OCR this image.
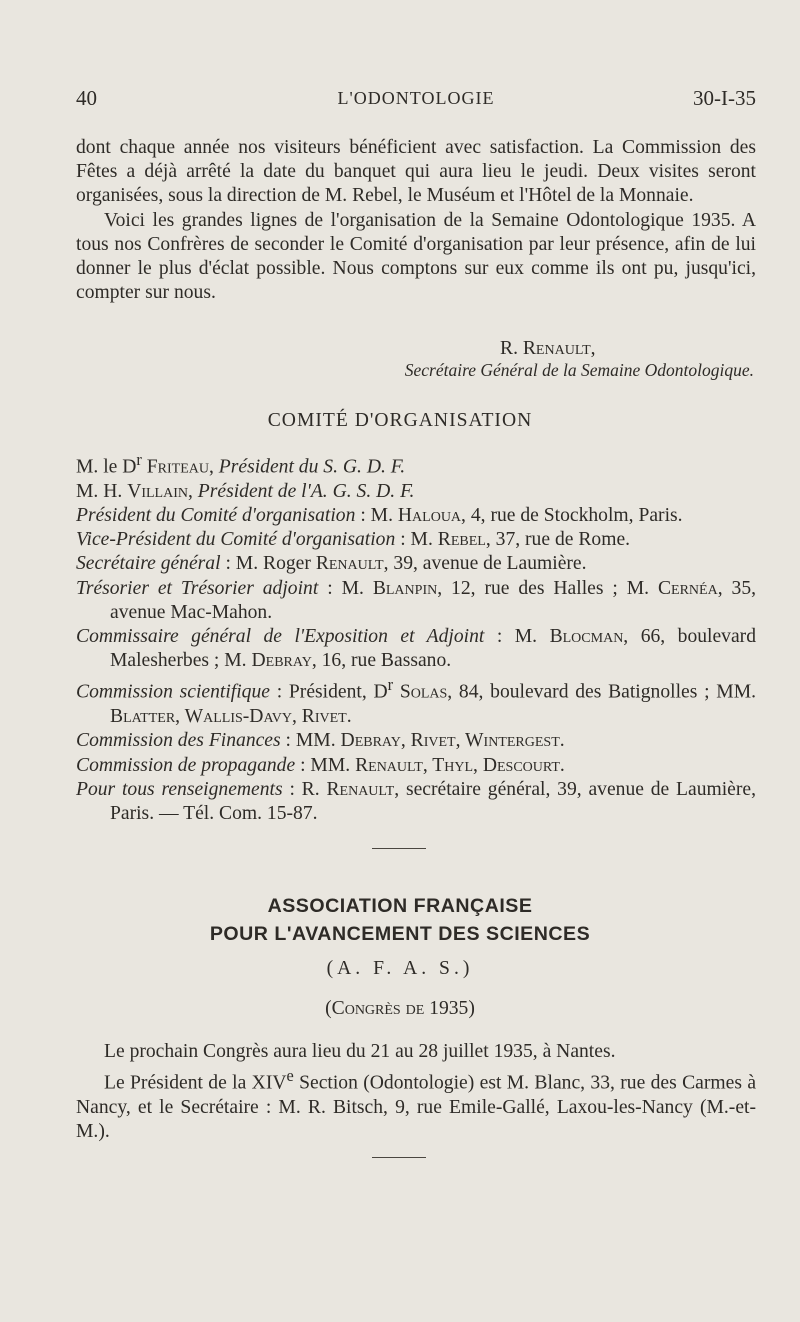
40	L'ODONTOLOGIE	30-I-35

dont chaque année nos visiteurs bénéficient avec satisfaction. La Commission des Fêtes a déjà arrêté la date du banquet qui aura lieu le jeudi. Deux visites seront organisées, sous la direction de M. Rebel, le Muséum et l'Hôtel de la Monnaie.

Voici les grandes lignes de l'organisation de la Semaine Odontologique 1935. A tous nos Confrères de seconder le Comité d'organisation par leur présence, afin de lui donner le plus d'éclat possible. Nous comptons sur eux comme ils ont pu, jusqu'ici, compter sur nous.

R. Renault,
Secrétaire Général de la Semaine Odontologique.
COMITÉ D'ORGANISATION

M. le $D^r$ Friteau, Président du S. G. D. F.

M. H. Villain, Président de l'A. G. S. D. F.

Président du Comité d'organisation : M. Haloua, 4, rue de Stockholm, Paris.

Vice-Président du Comité d'organisation : M. Rebel, 37, rue de Rome.

Secrétaire général : M. Roger Renault, 39, avenue de Laumière.

Trésorier et Trésorier adjoint : M. Blanpin, 12, rue des Halles ; M. Cernéa, 35, avenue Mac-Mahon.

Commissaire général de l'Exposition et Adjoint : M. Blocman, 66, boulevard Malesherbes ; M. Debray, 16, rue Bassano.

Commission scientifique : Président, $D^r$ Solas, 84, boulevard des Batignolles ; MM. Blatter, Wallis-Davy, Rivet.

Commission des Finances : MM. Debray, Rivet, Wintergest.

Commission de propagande : MM. Renault, Thyl, Descourt.

Pour tous renseignements : R. Renault, secrétaire général, 39, avenue de Laumière, Paris. — Tél. Com. 15-87.

ASSOCIATION FRANÇAISE
POUR L'AVANCEMENT DES SCIENCES
(A. F. A. S.)
(Congrès de 1935)

Le prochain Congrès aura lieu du 21 au 28 juillet 1935, à Nantes.

Le Président de la XIVe Section (Odontologie) est M. Blanc, 33, rue des Carmes à Nancy, et le Secrétaire : M. R. Bitsch, 9, rue Emile-Gallé, Laxou-les-Nancy (M.-et-M.).
